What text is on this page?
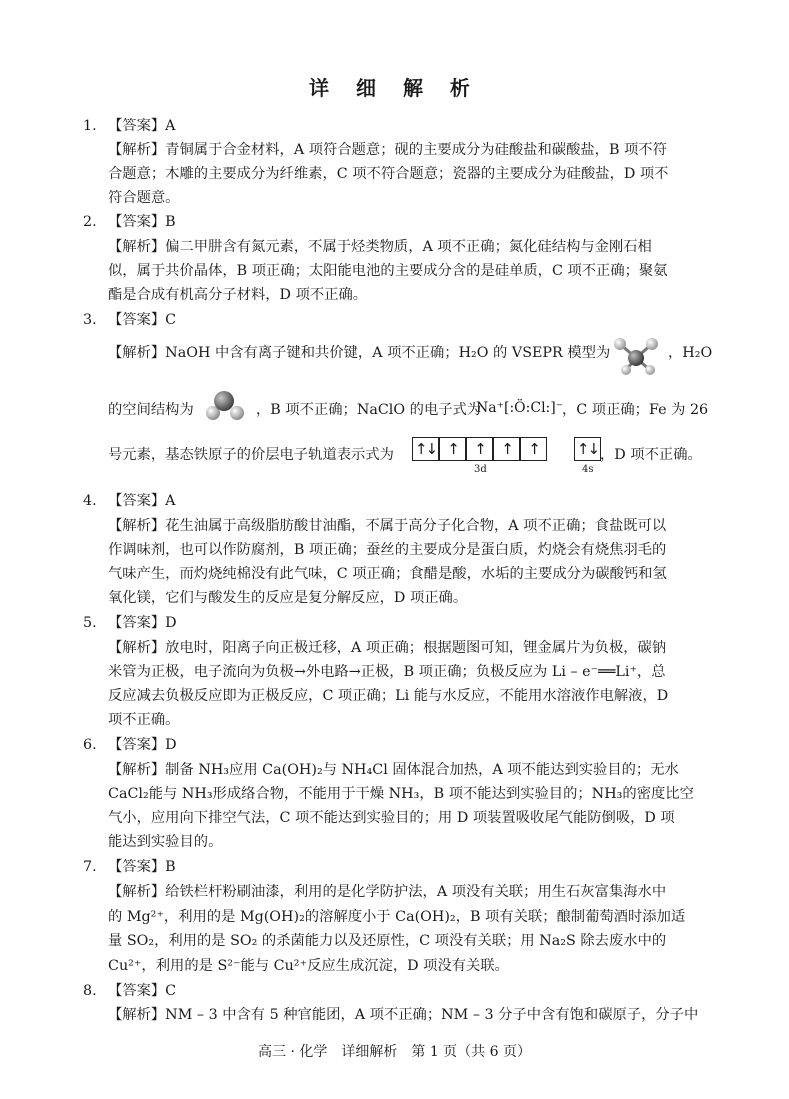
详 细 解 析
1. 【答案】A
【解析】青铜属于合金材料，A 项符合题意；砚的主要成分为硅酸盐和碳酸盐，B 项不符
合题意；木雕的主要成分为纤维素，C 项不符合题意；瓷器的主要成分为硅酸盐，D 项不
符合题意。
2. 【答案】B
【解析】偏二甲肼含有氮元素，不属于烃类物质，A 项不正确；氮化硅结构与金刚石相
似，属于共价晶体，B 项正确；太阳能电池的主要成分含的是硅单质，C 项不正确；聚氨
酯是合成有机高分子材料，D 项不正确。
3. 【答案】C
【解析】NaOH 中含有离子键和共价键，A 项不正确；H₂O 的 VSEPR 模型为	，H₂O
的空间结构为	，B 项不正确；NaClO 的电子式为
Na⁺[:Ö:Cl:]⁻
，C 项正确；Fe 为 26
号元素，基态铁原子的价层电子轨道表示式为 ↑↓ ↑	↑	↑	↑	↑↓
3d	4s
，D 项不正确。
4. 【答案】A
【解析】花生油属于高级脂肪酸甘油酯，不属于高分子化合物，A 项不正确；食盐既可以
作调味剂，也可以作防腐剂，B 项正确；蚕丝的主要成分是蛋白质，灼烧会有烧焦羽毛的
气味产生，而灼烧纯棉没有此气味，C 项正确；食醋是酸，水垢的主要成分为碳酸钙和氢
氧化镁，它们与酸发生的反应是复分解反应，D 项正确。
5. 【答案】D
【解析】放电时，阳离子向正极迁移，A 项正确；根据题图可知，锂金属片为负极，碳钠
米管为正极，电子流向为负极→外电路→正极，B 项正确；负极反应为 Li – e⁻══Li⁺，总
反应减去负极反应即为正极反应，C 项正确；Li 能与水反应，不能用水溶液作电解液，D
项不正确。
6. 【答案】D
【解析】制备 NH₃应用 Ca(OH)₂与 NH₄Cl 固体混合加热，A 项不能达到实验目的；无水
CaCl₂能与 NH₃形成络合物，不能用于干燥 NH₃，B 项不能达到实验目的；NH₃的密度比空
气小，应用向下排空气法，C 项不能达到实验目的；用 D 项装置吸收尾气能防倒吸，D 项
能达到实验目的。
7. 【答案】B
【解析】给铁栏杆粉刷油漆，利用的是化学防护法，A 项没有关联；用生石灰富集海水中
的 Mg²⁺，利用的是 Mg(OH)₂的溶解度小于 Ca(OH)₂，B 项有关联；酿制葡萄酒时添加适
量 SO₂，利用的是 SO₂ 的杀菌能力以及还原性，C 项没有关联；用 Na₂S 除去废水中的
Cu²⁺，利用的是 S²⁻能与 Cu²⁺反应生成沉淀，D 项没有关联。
8. 【答案】C
【解析】NM – 3 中含有 5 种官能团，A 项不正确；NM – 3 分子中含有饱和碳原子，分子中
高三 · 化学　详细解析　第 1 页（共 6 页）
